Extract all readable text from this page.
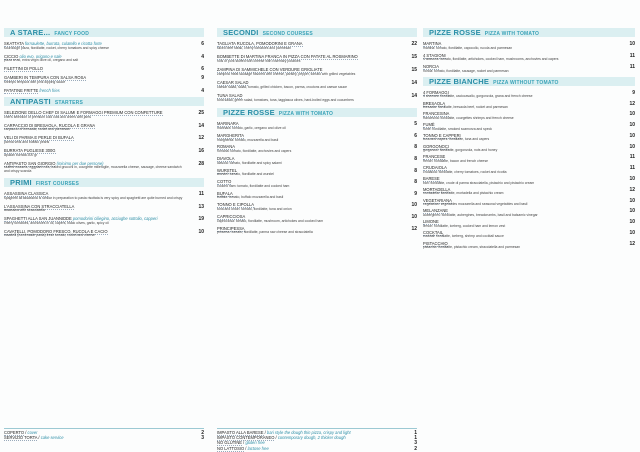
A STARE... FANCY FOOD
SKATTATA fornaulette, burrata, culatello e ricotta forte	6
sourdough pizza, fiordilatte, rocket, cherry tomatoes and spicy cheese
CICCIO olio evo, origano e sale	4
pizza crust, extra virgin olive oil, oregano and salt
FILETTINI DI POLLO	6
GAMBERI IN TEMPURA CON SALSA ROSA	9
shrimps tempura with pink dipping sauce
PATATINE FRITTE french fries	4
ANTIPASTI STARTERS
SELEZIONE DELLO CHEF DI SALUMI E FORMAGGI PREMIUM CON CONFETTURE	25
chef's selection of premium cold cuts and chees with jams
CARPACCIO DI BRESAOLA, RUCOLA E GRANA	14
carpaccio of bresaola, rocket and parmesan
VELI DI PARMA E PERLE DI BUFALA	12
parma veils and buffalo pearls
BURRATA PUGLIESE 300G	16
apulian burrata 300 gr
ANTIPASTO SAN GIORGIO (minimo per due persone)	28
stuffed mussels, eggplant rolls, baked gnocchi in, courgette millefoglie, mozzarella cheese, sausage, cheese sandwich and crispy scarola
PRIMI FIRST COURSES
ASSASSINA CLASSICA	11
spaghetti all'assassina is similar in preparation to pasta risottata is very spicy and spaghetti are quite burned and crispy
L'ASSASSINA CON STRACCIATELLA	13
assassina with stracciatella
SPAGHETTI ALLA SAN JUANNIDDE pomodorini ciliegino, acciughe sottolio, capperi	19
cherry tomatoes, anchovies in oil, capers, black olives, garlic, spicy oil
CAVATELLI, POMODORO FRESCO, RUCOLA E CACIO	10
cavatelli (homemade pasta) fresh tomato, rocket and cheese
SECONDI SECOND COURSES
TAGLIATA RUCOLA, POMODORINI E GRANA	22
sliced beef steak, cherry tomatoes and parmesan
BOMBETTE DI MARTINA FRANCA IN PIZZA CON PATATE AL ROSMARINO	15
rolls of pork stuffed with cheese with rosemary potatoes
ZAMPINA DI SAMMICHELE CON VERDURE GRIGLIATE	15
zampina meat sausage flavored with cheese, parsley, pepper, tomato with grilled vegetables
CAESAR SALAD	14
caesar salad, salad, tomato, grilled chicken, bacon, parma, croutons and caesar sauce
TUNA SALAD	14
tuna salad, green salad, tomatoes, tuna, taggiasca olives, hard-boiled eggs and cucumbers
PIZZE ROSSE PIZZA WITH TOMATO
MARINARA	5
marinara: tomato, garlic, oregano and olive oil
MARGHERITA	6
margherita: tomato, mozzarella and basil
ROMANA	8
romana: tomato, fiordilatte, anchovies and capers
DIAVOLA	8
diavola: tomato, fiordilatte and spicy salami
WURSTEL	8
wurstel: tomato, fiordilatte and wurstel
COTTO	8
cooked ham: tomato, fiordilatte and cooked ham
BUFALA	9
buffalo: tomato, buffalo mozzarella and basil
TONNO E CIPOLLA	10
tuna and onion: tomato, fiordilatte, tuna and onion
CAPRICCIOSA	10
capricciosa: tomato, fiordilatte, mushroom, artichokes and cooked ham
PRINCIPESSA	12
princess: tomato, fiordilatte, parma raw cheese and stracciatella
PIZZE ROSSE PIZZA WITH TOMATO
MARTINA	10
martina: tomato, fiordilatte, capocollo, rucola and parmesan
4 STAGIONI	11
4 seasons: tomato, fiordilatte, artichokes, cooked ham, mushrooms, anchovies and capers
NORCIA	11
norcia: tomato, fiordilatte, sausage, rocket and parmesan
PIZZE BIANCHE PIZZA WITHOUT TOMATO
4 FORMAGGI	9
4 cheeses: fiordilatte, caciocavallo, gorgonzola, grana and french cheese
BRESAOLA	12
bresaola: fiordilatte, bresaola beef, rocket and parmesan
FRANCESINA	10
francesina: fiordilatte, courgettes shrimps and french cheese
FUMÈ	10
fumè: fiordilatte, smoked scamorza and speck
TONNO E CAPPERI	10
tuna and capers: fiordilatte, tuna and capers
GORGONOCI	10
gorgonoci: fiordilatte, gorgonzola, nuts and honey
FRANCESE	11
french: fiordilatte, bacon and french cheese
CRUDAIOLA	11
crudaiola: fiordilatte, cherry tomatoes, rocket and ricotta
BARESE	10
bari: fiordilatte, crude di parma stracciatella, pistachio and pistachio cream
MORTADELLA	12
mortadella: fiordilatte, mortadella and pistachio cream
VEGETARIANA	10
vegetarian: vegetables mozzarella and seasonal vegetables and basil
MELANZANE	10
aubergines: fiordilatte, aubergines, breadcrumbs, basil and balsamic vinegar
LIMONE	10
lemon: fiordilatte, iceberg, cooked ham and lemon zest
COCKTAIL	10
cocktail: fiordilatte, iceberg, shrimp and cocktail sauce
PISTACCHIO	12
pistachio: fiordilatte, pistachio cream, stracciatella and parmesan
COPERTO / cover	2
SERVIZIO TORTA / cake service	3
IMPASTO ALLA BARESE / bari style the dough thin pizza, crispy and light	1
IMPASTO CONTEMPORANEO / contemporary dough, 2 thicker dough	1
NO GLUTINE / gluten free	3
NO LATTOSIO / lactose free	2
